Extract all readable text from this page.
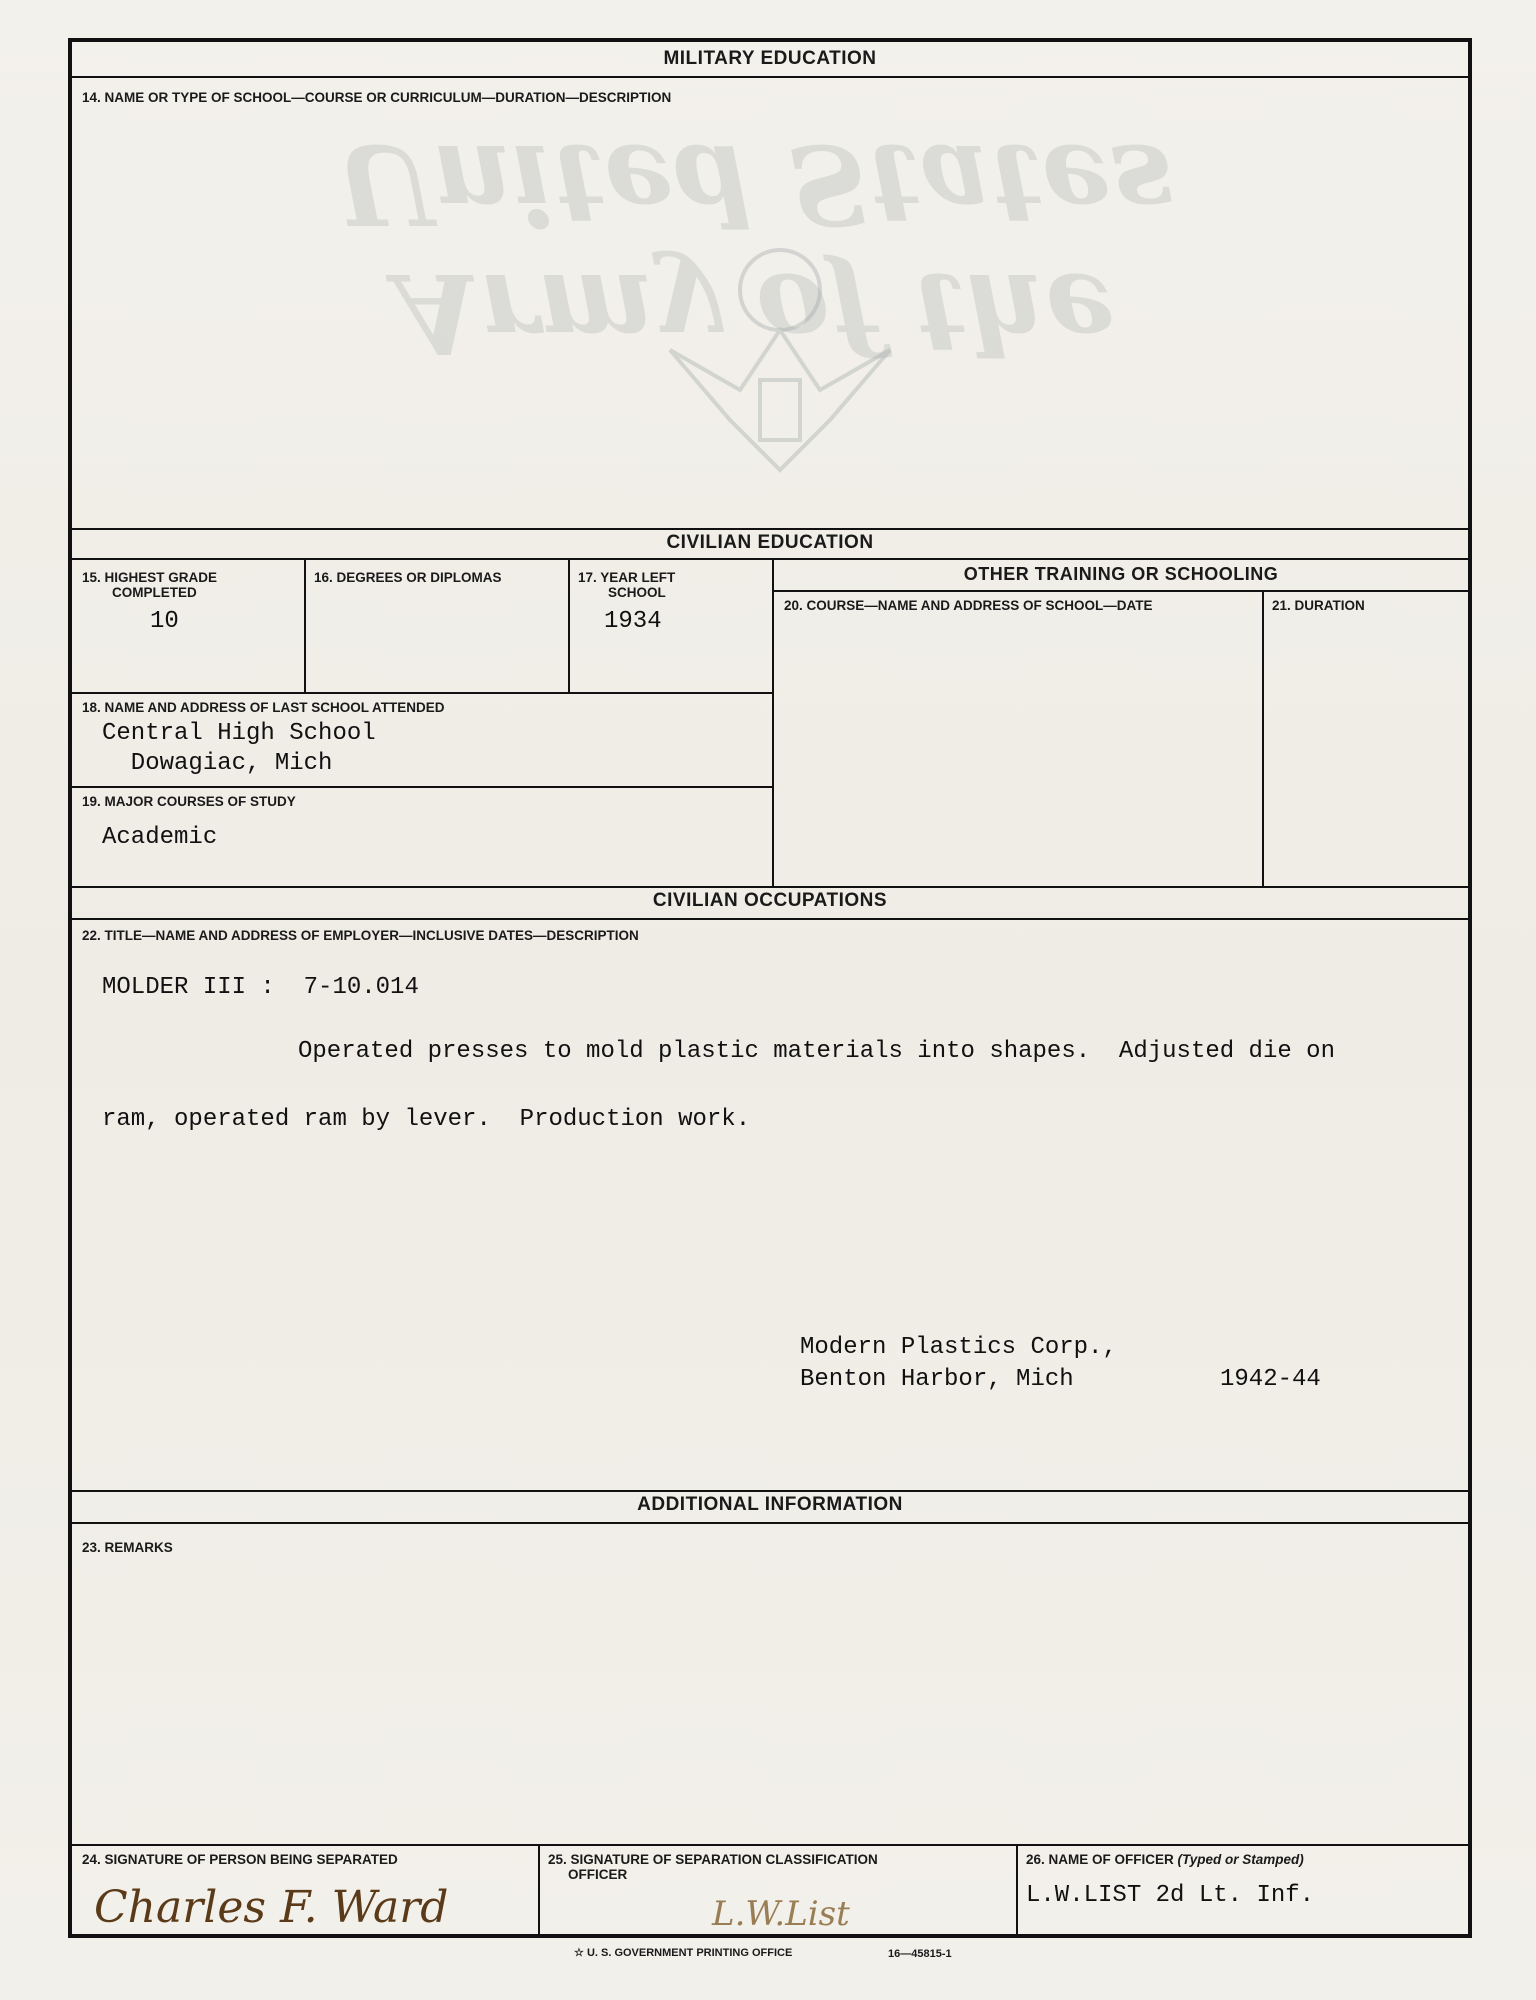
Army of the United States
MILITARY EDUCATION
14. NAME OR TYPE OF SCHOOL—COURSE OR CURRICULUM—DURATION—DESCRIPTION
CIVILIAN EDUCATION
15. HIGHEST GRADE
COMPLETED
10
16. DEGREES OR DIPLOMAS	17. YEAR LEFT
SCHOOL
1934
OTHER TRAINING OR SCHOOLING
20. COURSE—NAME AND ADDRESS OF SCHOOL—DATE	21. DURATION
18. NAME AND ADDRESS OF LAST SCHOOL ATTENDED
Central High School
Dowagiac, Mich
19. MAJOR COURSES OF STUDY
Academic
CIVILIAN OCCUPATIONS
22. TITLE—NAME AND ADDRESS OF EMPLOYER—INCLUSIVE DATES—DESCRIPTION
MOLDER III :  7-10.014
Operated presses to mold plastic materials into shapes.  Adjusted die on
ram, operated ram by lever.  Production work.
Modern Plastics Corp.,
Benton Harbor, Mich	1942-44
ADDITIONAL INFORMATION
23. REMARKS
24. SIGNATURE OF PERSON BEING SEPARATED
Charles F. Ward
25. SIGNATURE OF SEPARATION CLASSIFICATION
OFFICER
L.W.List
26. NAME OF OFFICER (Typed or Stamped)
L.W.LIST 2d Lt. Inf.
☆ U. S. GOVERNMENT PRINTING OFFICE	16—45815-1
